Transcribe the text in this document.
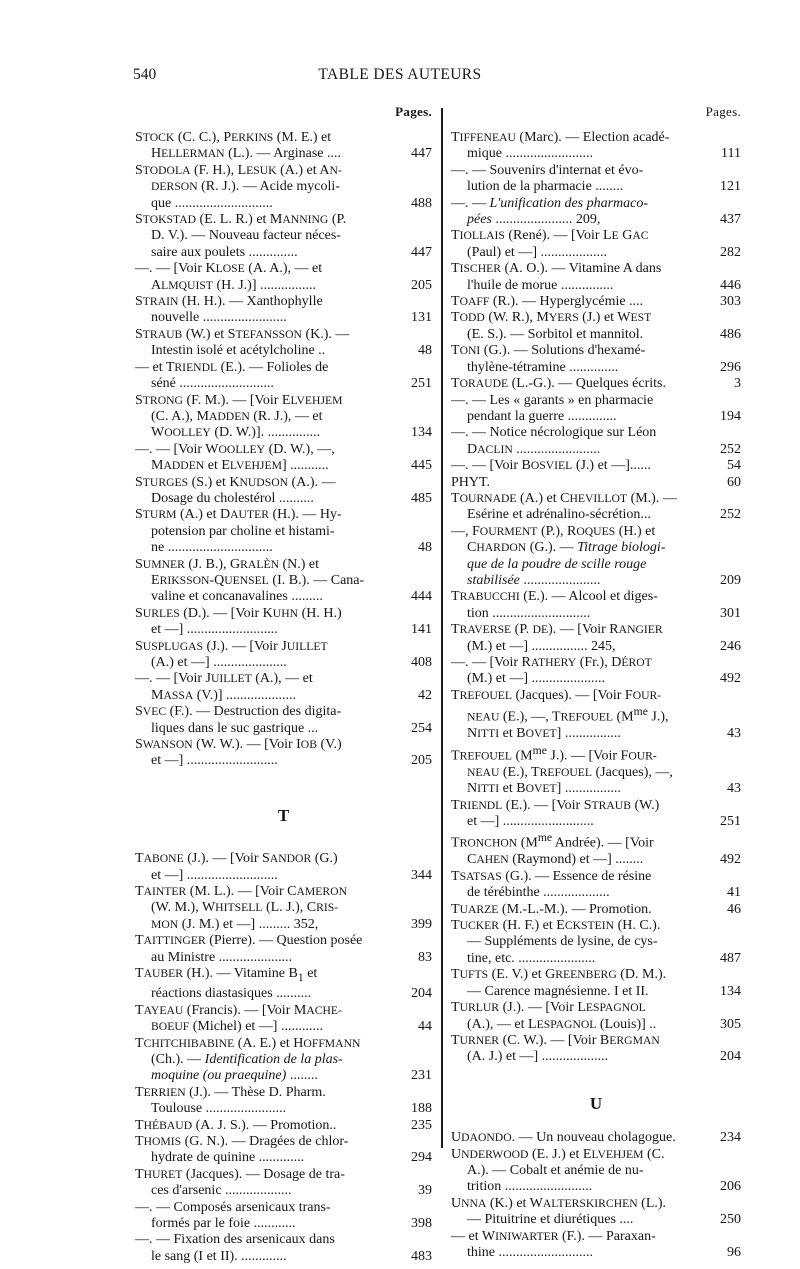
540	TABLE DES AUTEURS
Pages.
STOCK (C. C.), PERKINS (M. E.) et
HELLERMAN (L.). — Arginase ....	447
STODOLA (F. H.), LESUK (A.) et AN-
DERSON (R. J.). — Acide mycoli-
que ............................	488
STOKSTAD (E. L. R.) et MANNING (P.
D. V.). — Nouveau facteur néces-
saire aux poulets ..............	447
—. — [Voir KLOSE (A. A.), — et
ALMQUIST (H. J.)] ................	205
STRAIN (H. H.). — Xanthophylle
nouvelle ........................	131
STRAUB (W.) et STEFANSSON (K.). —
Intestin isolé et acétylcholine ..	48
— et TRIENDL (E.). — Folioles de
séné ...........................	251
STRONG (F. M.). — [Voir ELVEHJEM
(C. A.), MADDEN (R. J.), — et
WOOLLEY (D. W.)]. ...............	134
—. — [Voir WOOLLEY (D. W.), —,
MADDEN et ELVEHJEM] ...........	445
STURGES (S.) et KNUDSON (A.). —
Dosage du cholestérol ..........	485
STURM (A.) et DAUTER (H.). — Hy-
potension par choline et histami-
ne ..............................	48
SUMNER (J. B.), GRALÈN (N.) et
ERIKSSON-QUENSEL (I. B.). — Cana-
valine et concanavalines .........	444
SURLES (D.). — [Voir KUHN (H. H.)
et —] ..........................	141
SUSPLUGAS (J.). — [Voir JUILLET
(A.) et —] .....................	408
—. — [Voir JUILLET (A.), — et
MASSA (V.)] ....................	42
SVEC (F.). — Destruction des digita-
liques dans le suc gastrique ...	254
SWANSON (W. W.). — [Voir IOB (V.)
et —] ..........................	205
T
TABONE (J.). — [Voir SANDOR (G.)
et —] ..........................	344
TAINTER (M. L.). — [Voir CAMERON
(W. M.), WHITSELL (L. J.), CRIS-
MON (J. M.) et —] ......... 352,	399
TAITTINGER (Pierre). — Question posée
au Ministre .....................	83
TAUBER (H.). — Vitamine $B_1$ et
réactions diastasiques ..........	204
TAYEAU (Francis). — [Voir MACHE-
BOEUF (Michel) et —] ............	44
TCHITCHIBABINE (A. E.) et HOFFMANN
(Ch.). — Identification de la plas-
moquine (ou praequine) ........	231
TERRIEN (J.). — Thèse D. Pharm.
Toulouse .......................	188
THÉBAUD (A. J. S.). — Promotion..	235
THOMIS (G. N.). — Dragées de chlor-
hydrate de quinine .............	294
THURET (Jacques). — Dosage de tra-
ces d'arsenic ...................	39
—. — Composés arsenicaux trans-
formés par le foie ............	398
—. — Fixation des arsenicaux dans
le sang (I et II). .............	483
Pages.
TIFFENEAU (Marc). — Election acadé-
mique .........................	111
—. — Souvenirs d'internat et évo-
lution de la pharmacie ........	121
—. — L'unification des pharmaco-
pées ...................... 209,	437
TIOLLAIS (René). — [Voir LE GAC
(Paul) et —] ...................	282
TISCHER (A. O.). — Vitamine A dans
l'huile de morue ...............	446
TOAFF (R.). — Hyperglycémie ....	303
TODD (W. R.), MYERS (J.) et WEST
(E. S.). — Sorbitol et mannitol.	486
TONI (G.). — Solutions d'hexamé-
thylène-tétramine ..............	296
TORAUDE (L.-G.). — Quelques écrits.	3
—. — Les « garants » en pharmacie
pendant la guerre ..............	194
—. — Notice nécrologique sur Léon
DACLIN ........................	252
—. — [Voir BOSVIEL (J.) et —]......	54
PHYT.	60
TOURNADE (A.) et CHEVILLOT (M.). —
Esérine et adrénalino-sécrétion...	252
—, FOURMENT (P.), ROQUES (H.) et
CHARDON (G.). — Titrage biologi-
que de la poudre de scille rouge
stabilisée ......................	209
TRABUCCHI (E.). — Alcool et diges-
tion ............................	301
TRAVERSE (P. DE). — [Voir RANGIER
(M.) et —] ................ 245,	246
—. — [Voir RATHERY (Fr.), DÉROT
(M.) et —] .....................	492
TREFOUEL (Jacques). — [Voir FOUR-
NEAU (E.), —, TREFOUEL ($M^{me}$ J.),
NITTI et BOVET] ................	43
TREFOUEL ($M^{me}$ J.). — [Voir FOUR-
NEAU (E.), TREFOUEL (Jacques), —,
NITTI et BOVET] ................	43
TRIENDL (E.). — [Voir STRAUB (W.)
et —] ..........................	251
TRONCHON ($M^{me}$ Andrée). — [Voir
CAHEN (Raymond) et —] ........	492
TSATSAS (G.). — Essence de résine
de térébinthe ...................	41
TUARZE (M.-L.-M.). — Promotion.	46
TUCKER (H. F.) et ECKSTEIN (H. C.).
— Suppléments de lysine, de cys-
tine, etc. ......................	487
TUFTS (E. V.) et GREENBERG (D. M.).
— Carence magnésienne. I et II.	134
TURLUR (J.). — [Voir LESPAGNOL
(A.), — et LESPAGNOL (Louis)] ..	305
TURNER (C. W.). — [Voir BERGMAN
(A. J.) et —] ...................	204
U
UDAONDO. — Un nouveau cholagogue.	234
UNDERWOOD (E. J.) et ELVEHJEM (C.
A.). — Cobalt et anémie de nu-
trition .........................	206
UNNA (K.) et WALTERSKIRCHEN (L.).
— Pituitrine et diurétiques ....	250
— et WINIWARTER (F.). — Paraxan-
thine ...........................	96
